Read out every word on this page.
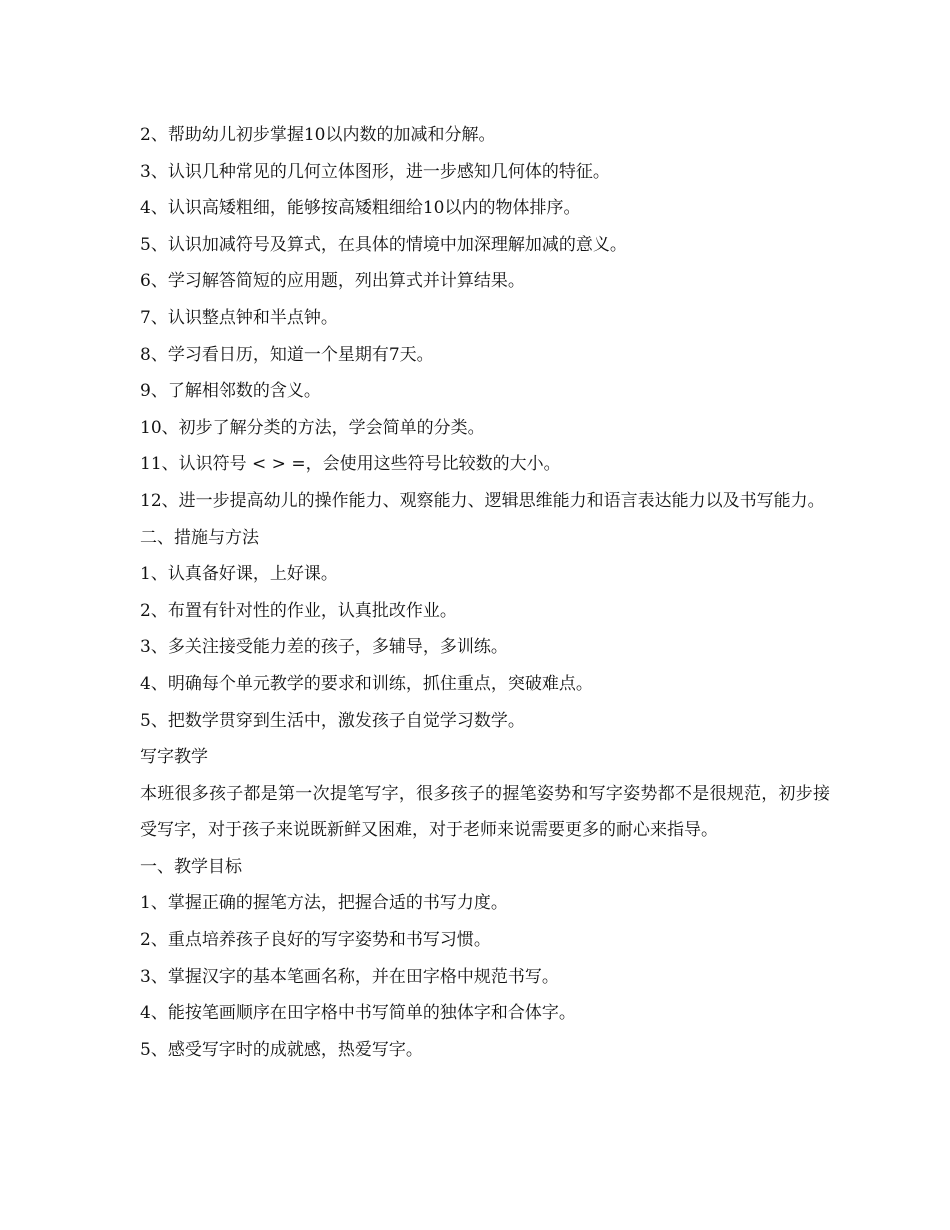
2、帮助幼儿初步掌握10以内数的加减和分解。

3、认识几种常见的几何立体图形，进一步感知几何体的特征。

4、认识高矮粗细，能够按高矮粗细给10以内的物体排序。

5、认识加减符号及算式，在具体的情境中加深理解加减的意义。

6、学习解答简短的应用题，列出算式并计算结果。

7、认识整点钟和半点钟。

8、学习看日历，知道一个星期有7天。

9、了解相邻数的含义。

10、初步了解分类的方法，学会简单的分类。

11、认识符号 < > =，会使用这些符号比较数的大小。

12、进一步提高幼儿的操作能力、观察能力、逻辑思维能力和语言表达能力以及书写能力。

二、措施与方法

1、认真备好课，上好课。

2、布置有针对性的作业，认真批改作业。

3、多关注接受能力差的孩子，多辅导，多训练。

4、明确每个单元教学的要求和训练，抓住重点，突破难点。

5、把数学贯穿到生活中，激发孩子自觉学习数学。

写字教学

本班很多孩子都是第一次提笔写字，很多孩子的握笔姿势和写字姿势都不是很规范，初步接受写字，对于孩子来说既新鲜又困难，对于老师来说需要更多的耐心来指导。

一、教学目标

1、掌握正确的握笔方法，把握合适的书写力度。

2、重点培养孩子良好的写字姿势和书写习惯。

3、掌握汉字的基本笔画名称，并在田字格中规范书写。

4、能按笔画顺序在田字格中书写简单的独体字和合体字。

5、感受写字时的成就感，热爱写字。
